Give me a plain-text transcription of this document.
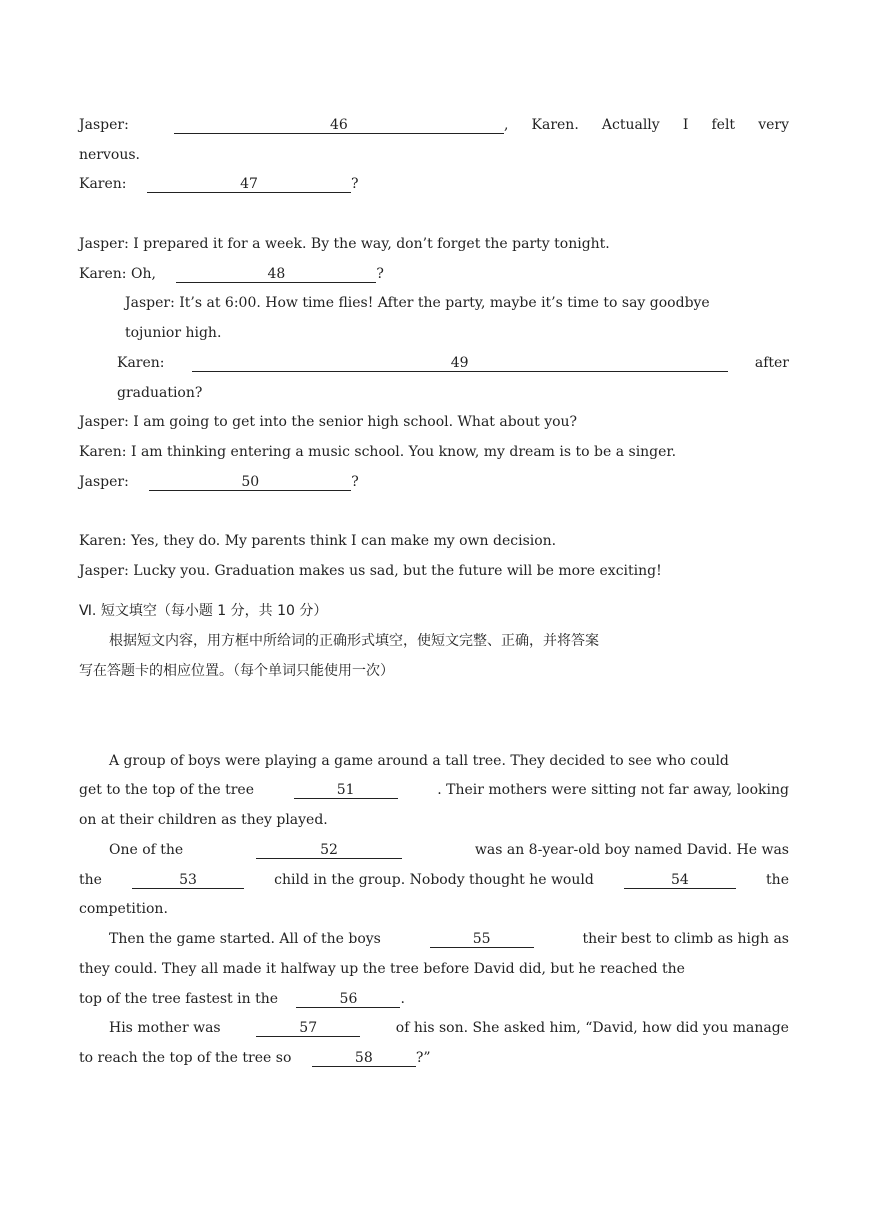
Jasper:	46	, Karen. Actually I felt very
nervous.
Karen:	47	?
Jasper: I prepared it for a week. By the way, don’t forget the party tonight.
Karen: Oh,	48	?
Jasper: It’s at 6:00. How time flies! After the party, maybe it’s time to say goodbye
tojunior high.
Karen:	49	after
graduation?
Jasper: I am going to get into the senior high school. What about you?
Karen: I am thinking entering a music school. You know, my dream is to be a singer.
Jasper:	50	?
Karen: Yes, they do. My parents think I can make my own decision.
Jasper: Lucky you. Graduation makes us sad, but the future will be more exciting!
Ⅵ. 短文填空（每小题 1 分，共 10 分）
根据短文内容，用方框中所给词的正确形式填空，使短文完整、正确，并将答案
写在答题卡的相应位置。（每个单词只能使用一次）
A group of boys were playing a game around a tall tree. They decided to see who could
get to the top of the tree	51	. Their mothers were sitting not far away, looking
on at their children as they played.
One of the	52	was an 8-year-old boy named David. He was
the	53	child in the group. Nobody thought he would	54	the
competition.
Then the game started. All of the boys	55	their best to climb as high as
they could. They all made it halfway up the tree before David did, but he reached the
top of the tree fastest in the	56	.
His mother was	57	of his son. She asked him, “David, how did you manage
to reach the top of the tree so	58	?”
